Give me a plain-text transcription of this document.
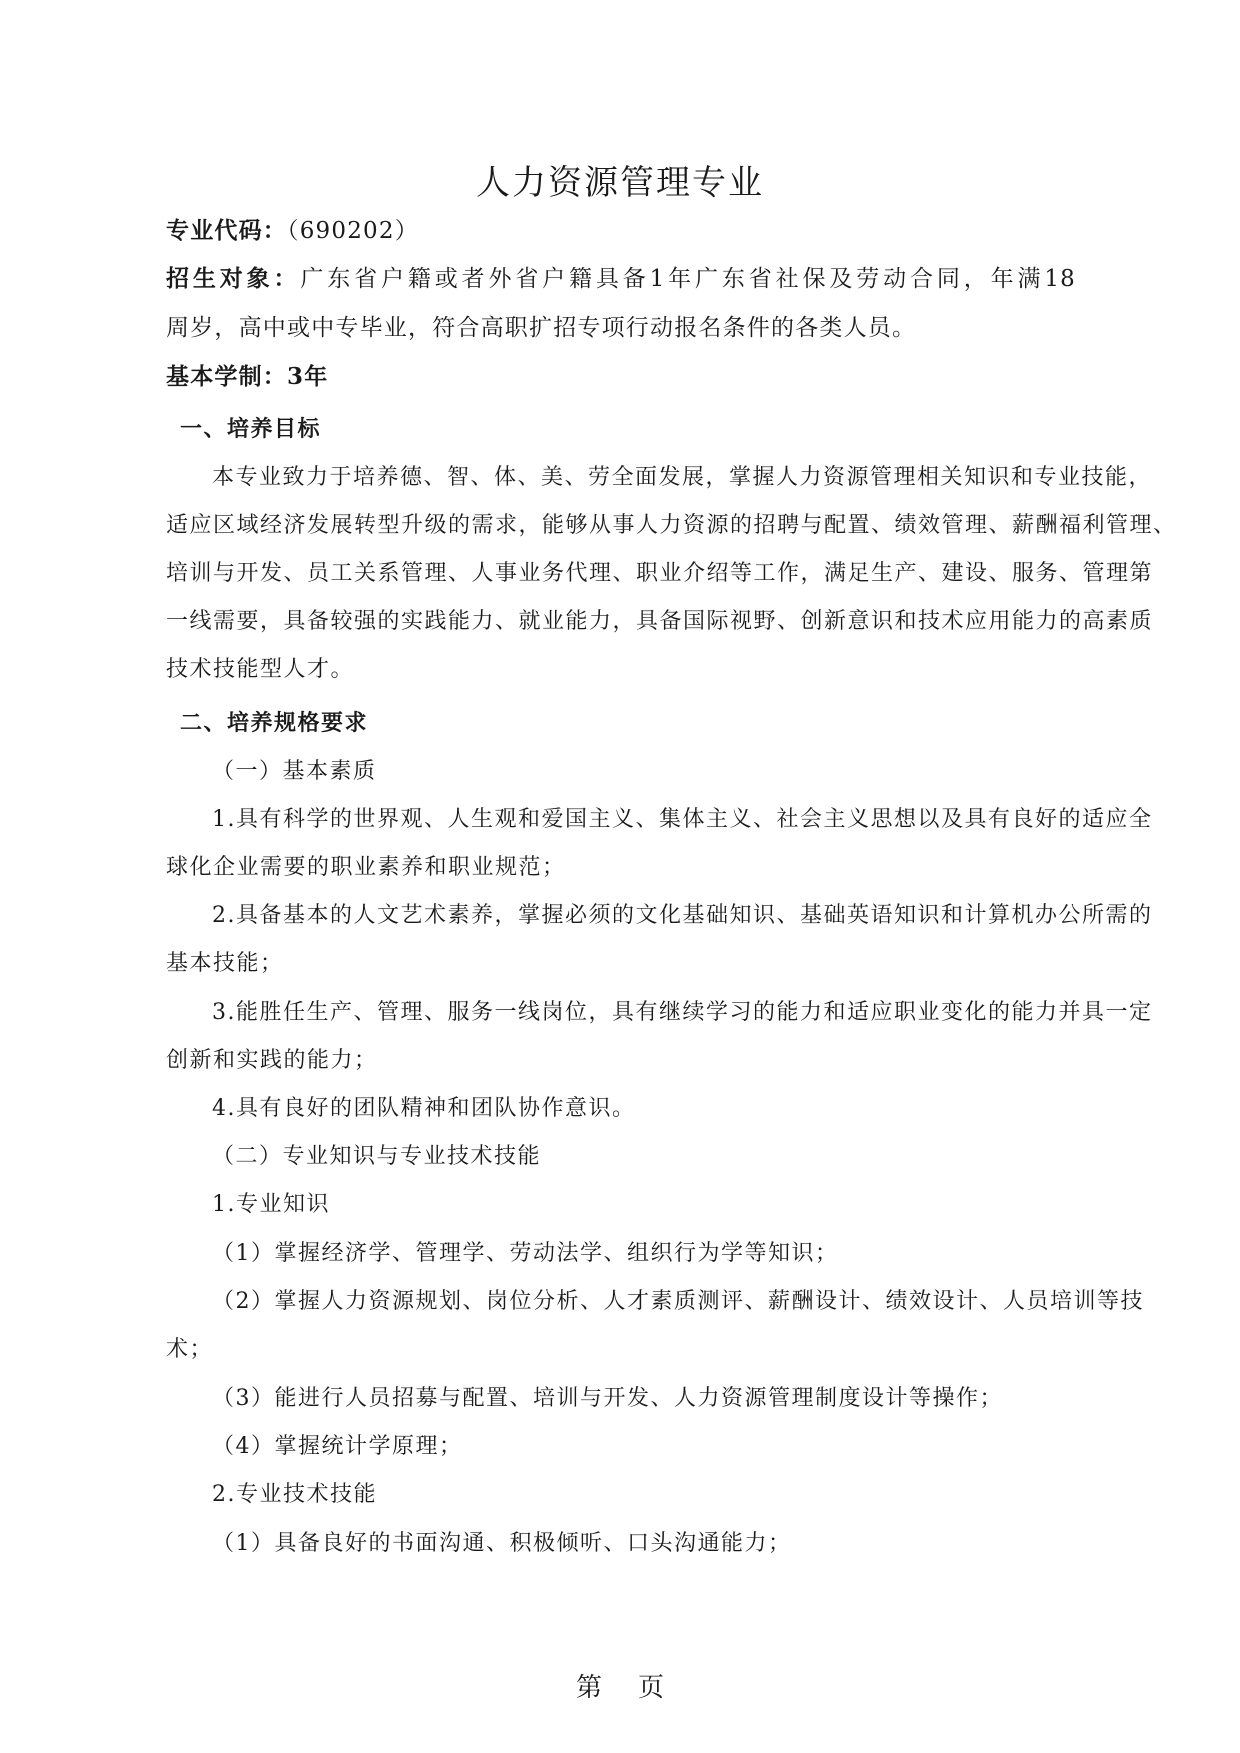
人力资源管理专业
专业代码：（690202）
招生对象：广东省户籍或者外省户籍具备1年广东省社保及劳动合同，年满18
周岁，高中或中专毕业，符合高职扩招专项行动报名条件的各类人员。
基本学制：3年
一、培养目标
本专业致力于培养德、智、体、美、劳全面发展，掌握人力资源管理相关知识和专业技能，
适应区域经济发展转型升级的需求，能够从事人力资源的招聘与配置、绩效管理、薪酬福利管理、
培训与开发、员工关系管理、人事业务代理、职业介绍等工作，满足生产、建设、服务、管理第
一线需要，具备较强的实践能力、就业能力，具备国际视野、创新意识和技术应用能力的高素质
技术技能型人才。
二、培养规格要求
（一）基本素质
1.具有科学的世界观、人生观和爱国主义、集体主义、社会主义思想以及具有良好的适应全
球化企业需要的职业素养和职业规范；
2.具备基本的人文艺术素养，掌握必须的文化基础知识、基础英语知识和计算机办公所需的
基本技能；
3.能胜任生产、管理、服务一线岗位，具有继续学习的能力和适应职业变化的能力并具一定
创新和实践的能力；
4.具有良好的团队精神和团队协作意识。
（二）专业知识与专业技术技能
1.专业知识
（1）掌握经济学、管理学、劳动法学、组织行为学等知识；
（2）掌握人力资源规划、岗位分析、人才素质测评、薪酬设计、绩效设计、人员培训等技
术；
（3）能进行人员招募与配置、培训与开发、人力资源管理制度设计等操作；
（4）掌握统计学原理；
2.专业技术技能
（1）具备良好的书面沟通、积极倾听、口头沟通能力；
第 页
